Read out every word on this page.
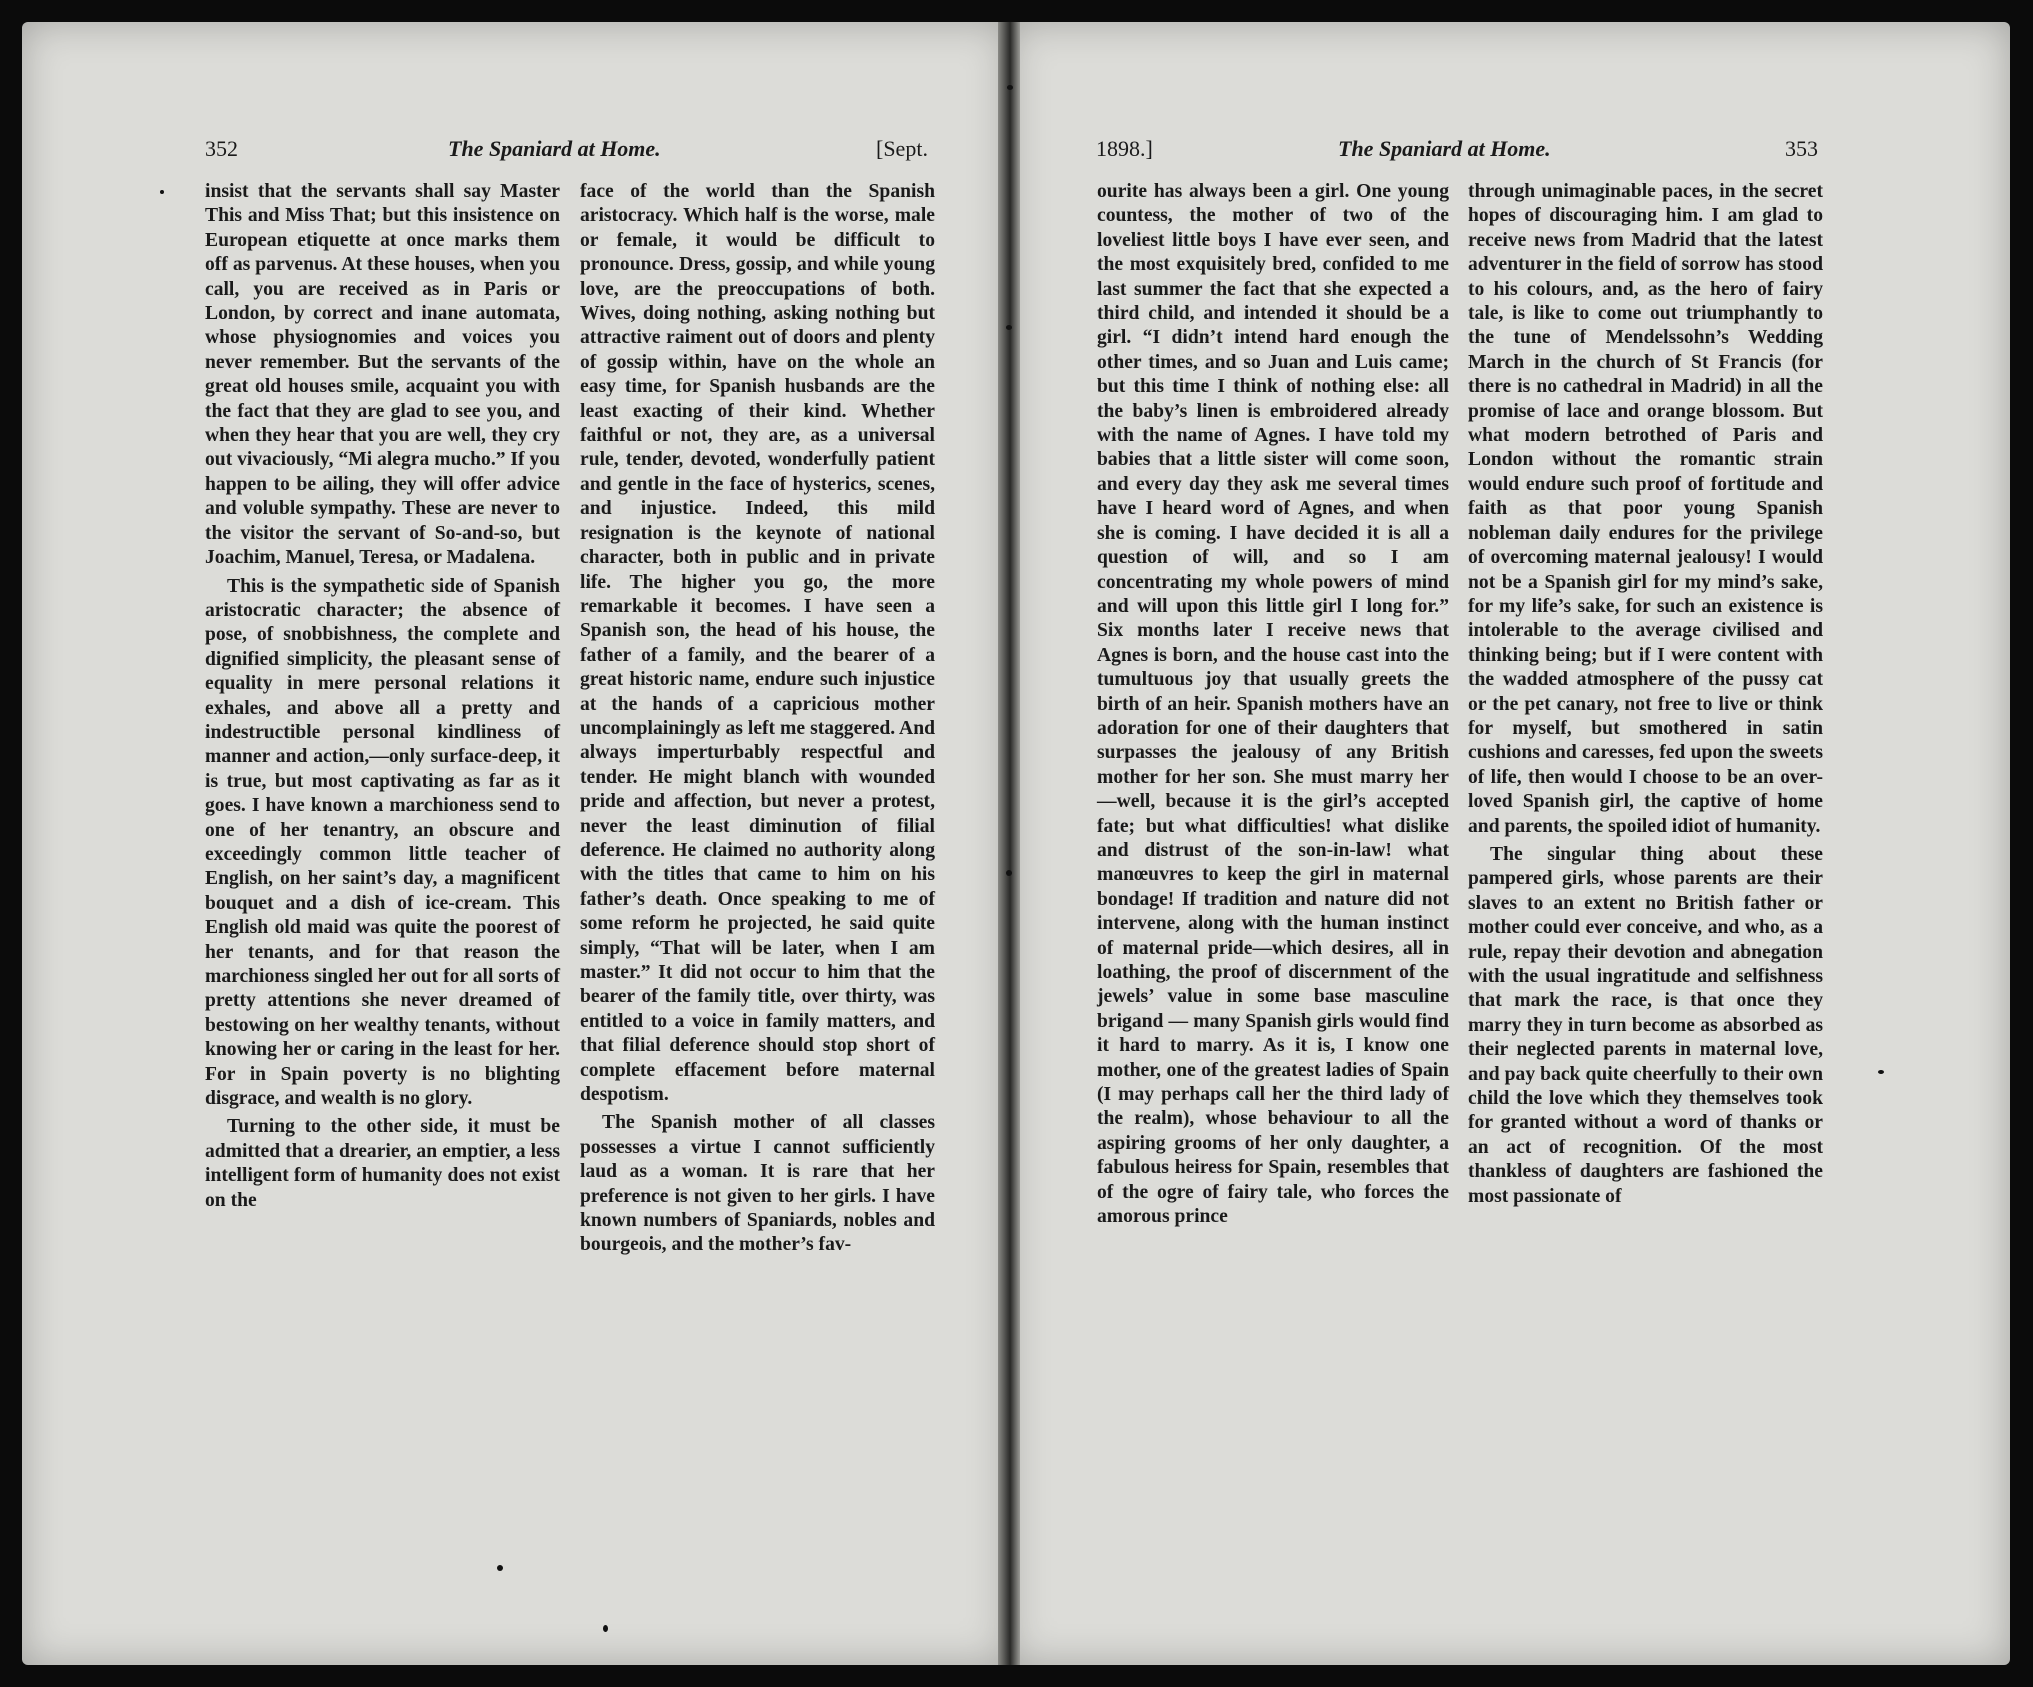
352	The Spaniard at Home.	[Sept.	1898.]	The Spaniard at Home.	353

insist that the servants shall say Master This and Miss That; but this insistence on European etiquette at once marks them off as parvenus. At these houses, when you call, you are received as in Paris or London, by correct and inane automata, whose physiognomies and voices you never remember. But the servants of the great old houses smile, acquaint you with the fact that they are glad to see you, and when they hear that you are well, they cry out vivaciously, “Mi alegra mucho.” If you happen to be ailing, they will offer advice and voluble sympathy. These are never to the visitor the servant of So-and-so, but Joachim, Manuel, Teresa, or Madalena.

This is the sympathetic side of Spanish aristocratic character; the absence of pose, of snobbishness, the complete and dignified simplicity, the pleasant sense of equality in mere personal relations it exhales, and above all a pretty and indestructible personal kindliness of manner and action,—only surface-deep, it is true, but most captivating as far as it goes. I have known a marchioness send to one of her tenantry, an obscure and exceedingly common little teacher of English, on her saint’s day, a magnificent bouquet and a dish of ice-cream. This English old maid was quite the poorest of her tenants, and for that reason the marchioness singled her out for all sorts of pretty attentions she never dreamed of bestowing on her wealthy tenants, without knowing her or caring in the least for her. For in Spain poverty is no blighting disgrace, and wealth is no glory.

Turning to the other side, it must be admitted that a drearier, an emptier, a less intelligent form of humanity does not exist on the

face of the world than the Spanish aristocracy. Which half is the worse, male or female, it would be difficult to pronounce. Dress, gossip, and while young love, are the preoccupations of both. Wives, doing nothing, asking nothing but attractive raiment out of doors and plenty of gossip within, have on the whole an easy time, for Spanish husbands are the least exacting of their kind. Whether faithful or not, they are, as a universal rule, tender, devoted, wonderfully patient and gentle in the face of hysterics, scenes, and injustice. Indeed, this mild resignation is the keynote of national character, both in public and in private life. The higher you go, the more remarkable it becomes. I have seen a Spanish son, the head of his house, the father of a family, and the bearer of a great historic name, endure such injustice at the hands of a capricious mother uncomplainingly as left me staggered. And always imperturbably respectful and tender. He might blanch with wounded pride and affection, but never a protest, never the least diminution of filial deference. He claimed no authority along with the titles that came to him on his father’s death. Once speaking to me of some reform he projected, he said quite simply, “That will be later, when I am master.” It did not occur to him that the bearer of the family title, over thirty, was entitled to a voice in family matters, and that filial deference should stop short of complete effacement before maternal despotism.

The Spanish mother of all classes possesses a virtue I cannot sufficiently laud as a woman. It is rare that her preference is not given to her girls. I have known numbers of Spaniards, nobles and bourgeois, and the mother’s fav-

ourite has always been a girl. One young countess, the mother of two of the loveliest little boys I have ever seen, and the most exquisitely bred, confided to me last summer the fact that she expected a third child, and intended it should be a girl. “I didn’t intend hard enough the other times, and so Juan and Luis came; but this time I think of nothing else: all the baby’s linen is embroidered already with the name of Agnes. I have told my babies that a little sister will come soon, and every day they ask me several times have I heard word of Agnes, and when she is coming. I have decided it is all a question of will, and so I am concentrating my whole powers of mind and will upon this little girl I long for.” Six months later I receive news that Agnes is born, and the house cast into the tumultuous joy that usually greets the birth of an heir. Spanish mothers have an adoration for one of their daughters that surpasses the jealousy of any British mother for her son. She must marry her—well, because it is the girl’s accepted fate; but what difficulties! what dislike and distrust of the son-in-law! what manœuvres to keep the girl in maternal bondage! If tradition and nature did not intervene, along with the human instinct of maternal pride—which desires, all in loathing, the proof of discernment of the jewels’ value in some base masculine brigand — many Spanish girls would find it hard to marry. As it is, I know one mother, one of the greatest ladies of Spain (I may perhaps call her the third lady of the realm), whose behaviour to all the aspiring grooms of her only daughter, a fabulous heiress for Spain, resembles that of the ogre of fairy tale, who forces the amorous prince

through unimaginable paces, in the secret hopes of discouraging him. I am glad to receive news from Madrid that the latest adventurer in the field of sorrow has stood to his colours, and, as the hero of fairy tale, is like to come out triumphantly to the tune of Mendelssohn’s Wedding March in the church of St Francis (for there is no cathedral in Madrid) in all the promise of lace and orange blossom. But what modern betrothed of Paris and London without the romantic strain would endure such proof of fortitude and faith as that poor young Spanish nobleman daily endures for the privilege of overcoming maternal jealousy! I would not be a Spanish girl for my mind’s sake, for my life’s sake, for such an existence is intolerable to the average civilised and thinking being; but if I were content with the wadded atmosphere of the pussy cat or the pet canary, not free to live or think for myself, but smothered in satin cushions and caresses, fed upon the sweets of life, then would I choose to be an over-loved Spanish girl, the captive of home and parents, the spoiled idiot of humanity.

The singular thing about these pampered girls, whose parents are their slaves to an extent no British father or mother could ever conceive, and who, as a rule, repay their devotion and abnegation with the usual ingratitude and selfishness that mark the race, is that once they marry they in turn become as absorbed as their neglected parents in maternal love, and pay back quite cheerfully to their own child the love which they themselves took for granted without a word of thanks or an act of recognition. Of the most thankless of daughters are fashioned the most passionate of
